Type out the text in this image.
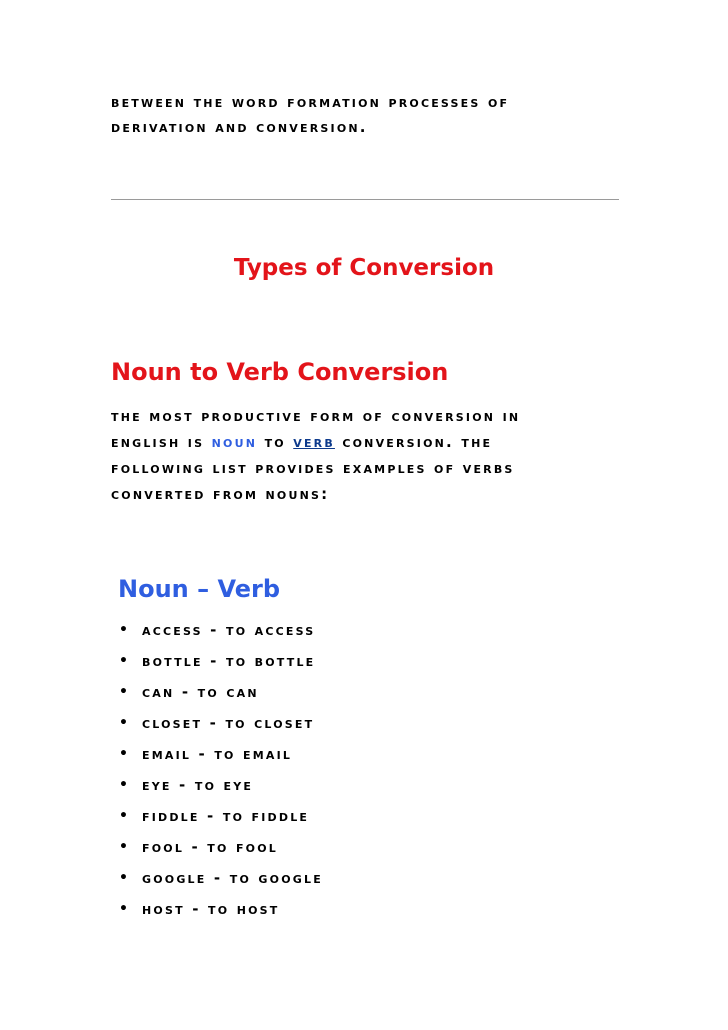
between the word formation processes of derivation and conversion.

Types of Conversion
Noun to Verb Conversion

the most productive form of conversion in english is noun to verb conversion. the following list provides examples of verbs converted from nouns:

Noun – Verb
• access - to access
• bottle - to bottle
• can - to can
• closet - to closet
• email - to email
• eye - to eye
• fiddle - to fiddle
• fool - to fool
• google - to google
• host - to host
